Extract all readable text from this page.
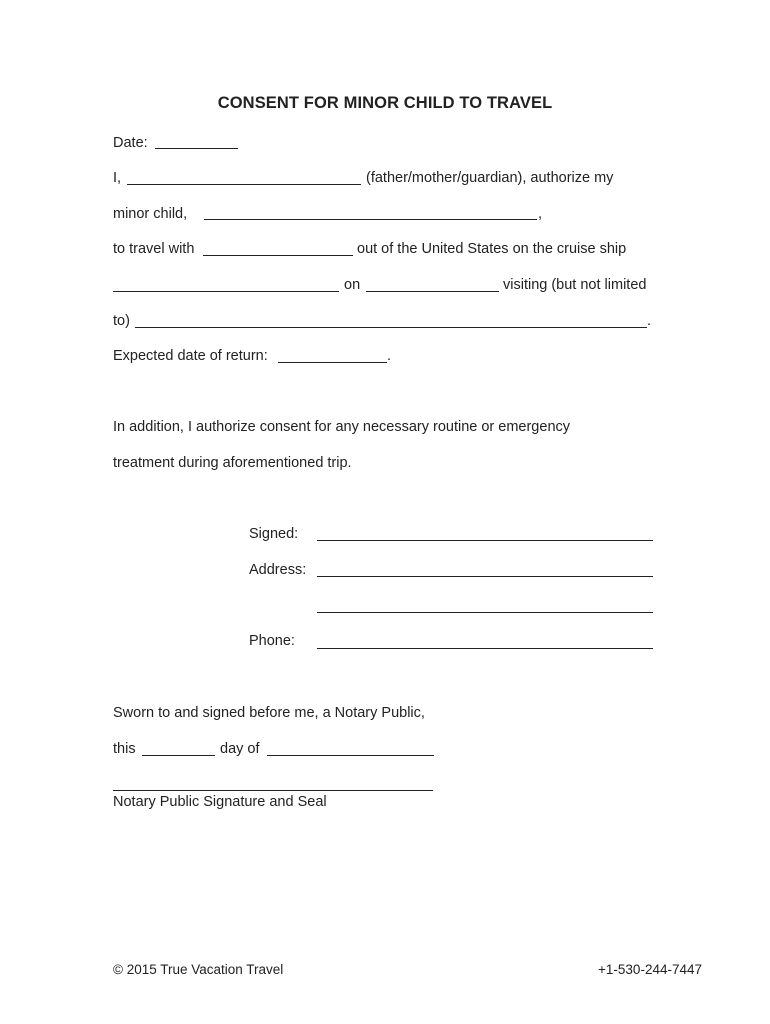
CONSENT FOR MINOR CHILD TO TRAVEL
Date:
I,	(father/mother/guardian), authorize my
minor child,	,
to travel with	out of the United States on the cruise ship
on	visiting (but not limited
to)	.
Expected date of return:	.
In addition, I authorize consent for any necessary routine or emergency
treatment during aforementioned trip.
Signed:
Address:
Phone:
Sworn to and signed before me, a Notary Public,
this	day of
Notary Public Signature and Seal
© 2015 True Vacation Travel	+1-530-244-7447
